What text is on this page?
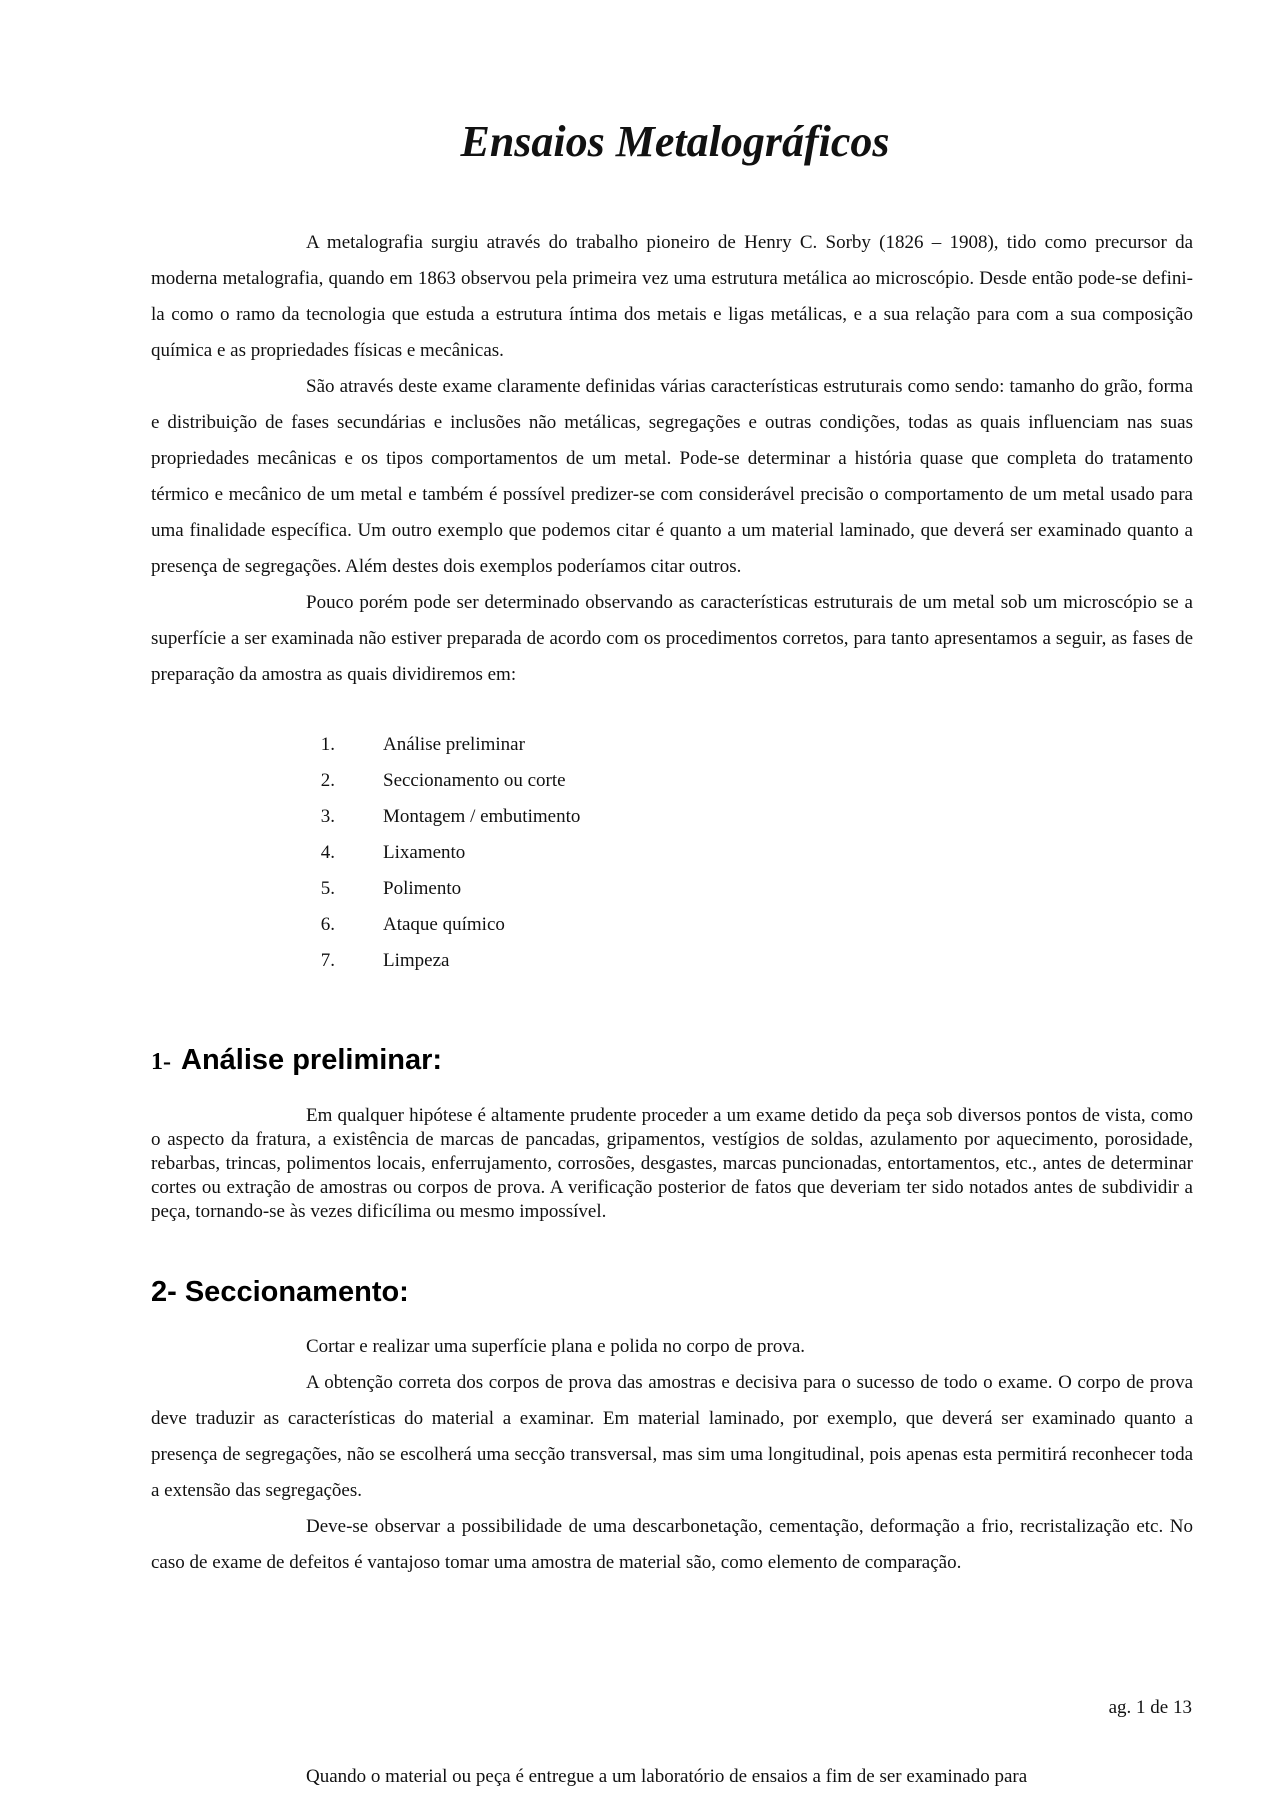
Ensaios Metalográficos

A metalografia surgiu através do trabalho pioneiro de Henry C. Sorby (1826 – 1908), tido como precursor da moderna metalografia, quando em 1863 observou pela primeira vez uma estrutura metálica ao microscópio. Desde então pode-se defini-la como o ramo da tecnologia que estuda a estrutura íntima dos metais e ligas metálicas, e a sua relação para com a sua composição química e as propriedades físicas e mecânicas.

São através deste exame claramente definidas várias características estruturais como sendo: tamanho do grão, forma e distribuição de fases secundárias e inclusões não metálicas, segregações e outras condições, todas as quais influenciam nas suas propriedades mecânicas e os tipos comportamentos de um metal. Pode-se determinar a história quase que completa do tratamento térmico e mecânico de um metal e também é possível predizer-se com considerável precisão o comportamento de um metal usado para uma finalidade específica. Um outro exemplo que podemos citar é quanto a um material laminado, que deverá ser examinado quanto a presença de segregações. Além destes dois exemplos poderíamos citar outros.

Pouco porém pode ser determinado observando as características estruturais de um metal sob um microscópio se a superfície a ser examinada não estiver preparada de acordo com os procedimentos corretos, para tanto apresentamos a seguir, as fases de preparação da amostra as quais dividiremos em:

1.	Análise preliminar
2.	Seccionamento ou corte
3.	Montagem / embutimento
4.	Lixamento
5.	Polimento
6.	Ataque químico
7.	Limpeza
1- Análise preliminar:

Em qualquer hipótese é altamente prudente proceder a um exame detido da peça sob diversos pontos de vista, como o aspecto da fratura, a existência de marcas de pancadas, gripamentos, vestígios de soldas, azulamento por aquecimento, porosidade, rebarbas, trincas, polimentos locais, enferrujamento, corrosões, desgastes, marcas puncionadas, entortamentos, etc., antes de determinar cortes ou extração de amostras ou corpos de prova. A verificação posterior de fatos que deveriam ter sido notados antes de subdividir a peça, tornando-se às vezes dificílima ou mesmo impossível.

2- Seccionamento:

Cortar e realizar uma superfície plana e polida no corpo de prova.

A obtenção correta dos corpos de prova das amostras e decisiva para o sucesso de todo o exame. O corpo de prova deve traduzir as características do material a examinar. Em material laminado, por exemplo, que deverá ser examinado quanto a presença de segregações, não se escolherá uma secção transversal, mas sim uma longitudinal, pois apenas esta permitirá reconhecer toda a extensão das segregações.

Deve-se observar a possibilidade de uma descarbonetação, cementação, deformação a frio, recristalização etc. No caso de exame de defeitos é vantajoso tomar uma amostra de material são, como elemento de comparação.

ag. 1 de 13
Quando o material ou peça é entregue a um laboratório de ensaios a fim de ser examinado para
